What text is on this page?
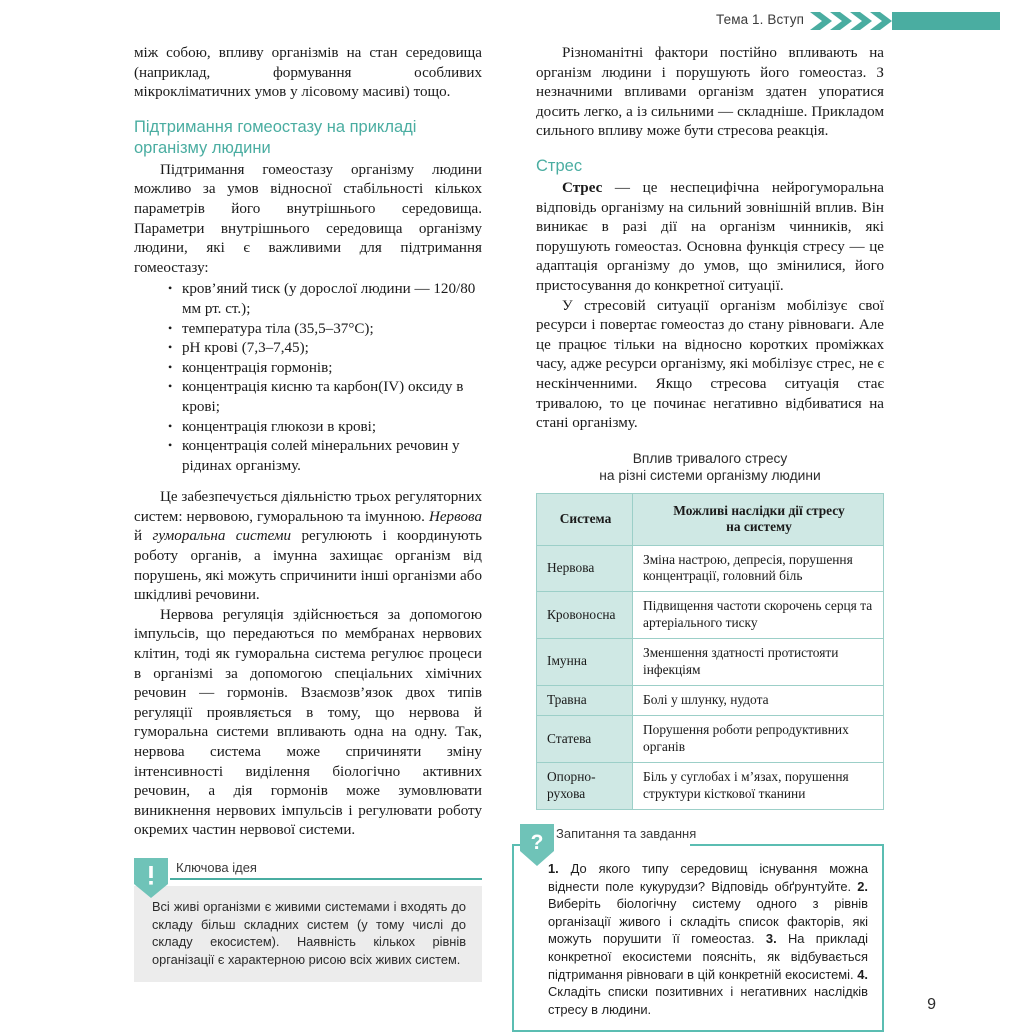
Тема 1. Вступ

між собою, впливу організмів на стан середовища (наприклад, формування особливих мікрокліматичних умов у лісовому масиві) тощо.

Підтримання гомеостазу на прикладі організму людини

Підтримання гомеостазу організму людини можливо за умов відносної стабільності кількох параметрів його внутрішнього середовища. Параметри внутрішнього середовища організму людини, які є важливими для підтримання гомеостазу:

• кров’яний тиск (у дорослої людини — 120/80 мм рт. ст.);
• температура тіла (35,5–37°C);
• pH крові (7,3–7,45);
• концентрація гормонів;
• концентрація кисню та карбон(IV) оксиду в крові;
• концентрація глюкози в крові;
• концентрація солей мінеральних речовин у рідинах організму.

Це забезпечується діяльністю трьох регуляторних систем: нервовою, гуморальною та імунною. Нервова й гуморальна системи регулюють і координують роботу органів, а імунна захищає організм від порушень, які можуть спричинити інші організми або шкідливі речовини.

Нервова регуляція здійснюється за допомогою імпульсів, що передаються по мембранах нервових клітин, тоді як гуморальна система регулює процеси в організмі за допомогою спеціальних хімічних речовин — гормонів. Взаємозв’язок двох типів регуляції проявляється в тому, що нервова й гуморальна системи впливають одна на одну. Так, нервова система може спричиняти зміну інтенсивності виділення біологічно активних речовин, а дія гормонів може зумовлювати виникнення нервових імпульсів і регулювати роботу окремих частин нервової системи.

Ключова ідея
Всі живі організми є живими системами і входять до складу більш складних систем (у тому числі до складу екосистем). Наявність кількох рівнів організації є характерною рисою всіх живих систем.

Різноманітні фактори постійно впливають на організм людини і порушують його гомеостаз. З незначними впливами організм здатен упоратися досить легко, а із сильними — складніше. Прикладом сильного впливу може бути стресова реакція.

Стрес

Стрес — це неспецифічна нейрогуморальна відповідь організму на сильний зовнішній вплив. Він виникає в разі дії на організм чинників, які порушують гомеостаз. Основна функція стресу — це адаптація організму до умов, що змінилися, його пристосування до конкретної ситуації.

У стресовій ситуації організм мобілізує свої ресурси і повертає гомеостаз до стану рівноваги. Але це працює тільки на відносно коротких проміжках часу, адже ресурси організму, які мобілізує стрес, не є нескінченними. Якщо стресова ситуація стає тривалою, то це починає негативно відбиватися на стані організму.

Вплив тривалого стресу
на різні системи організму людини
Система	Можливі наслідки дії стресу
на систему
Нервова	Зміна настрою, депресія, порушення концентрації, головний біль
Кровоносна	Підвищення частоти скорочень серця та артеріального тиску
Імунна	Зменшення здатності протистояти інфекціям
Травна	Болі у шлунку, нудота
Статева	Порушення роботи репродуктивних органів
Опорно-рухова	Біль у суглобах і м’язах, порушення структури кісткової тканини
? Запитання та завдання
1. До якого типу середовищ існування можна віднести поле кукурудзи? Відповідь обґрунтуйте. 2. Виберіть біологічну систему одного з рівнів організації живого і складіть список факторів, які можуть порушити її гомеостаз. 3. На прикладі конкретної екосистеми поясніть, як відбувається підтримання рівноваги в цій конкретній екосистемі. 4. Складіть списки позитивних і негативних наслідків стресу в людини.	9
